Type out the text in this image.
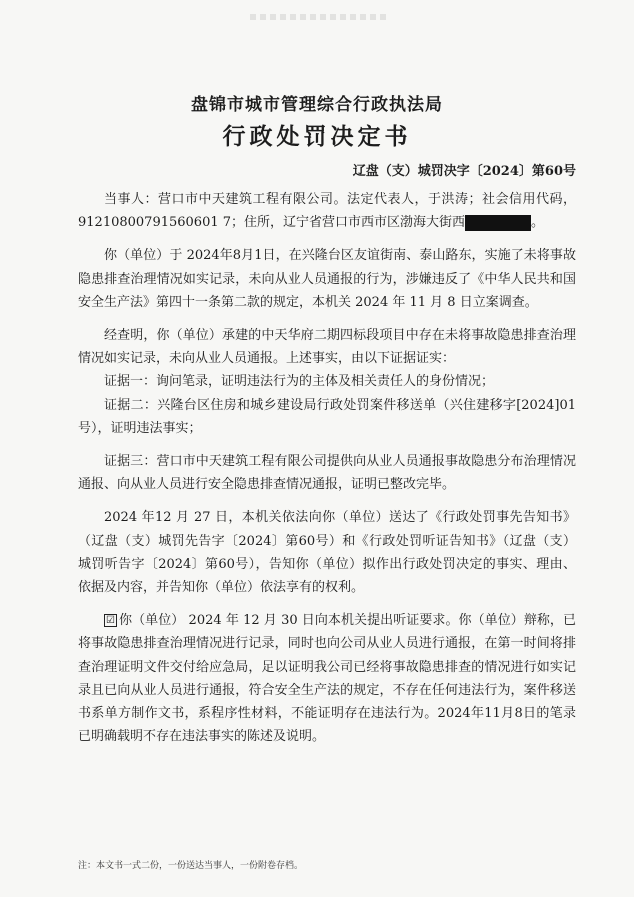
盘锦市城市管理综合行政执法局
行政处罚决定书
辽盘（支）城罚决字〔2024〕第60号

当事人：营口市中天建筑工程有限公司。法定代表人，于洪涛；社会信用代码，91210800791560601 7；住所，辽宁省营口市西市区渤海大街西	。

你（单位）于 2024年8月1日，在兴隆台区友谊街南、泰山路东，实施了未将事故隐患排查治理情况如实记录，未向从业人员通报的行为，涉嫌违反了《中华人民共和国安全生产法》第四十一条第二款的规定，本机关 2024 年 11 月 8 日立案调查。

经查明，你（单位）承建的中天华府二期四标段项目中存在未将事故隐患排查治理情况如实记录，未向从业人员通报。上述事实，由以下证据证实：

证据一：询问笔录，证明违法行为的主体及相关责任人的身份情况；

证据二：兴隆台区住房和城乡建设局行政处罚案件移送单（兴住建移字[2024]01号），证明违法事实；

证据三：营口市中天建筑工程有限公司提供向从业人员通报事故隐患分布治理情况通报、向从业人员进行安全隐患排查情况通报，证明已整改完毕。

2024 年12 月 27 日，本机关依法向你（单位）送达了《行政处罚事先告知书》（辽盘（支）城罚先告字〔2024〕第60号）和《行政处罚听证告知书》（辽盘（支）城罚听告字〔2024〕第60号），告知你（单位）拟作出行政处罚决定的事实、理由、依据及内容，并告知你（单位）依法享有的权利。

☑ 你（单位） 2024 年 12 月 30 日向本机关提出听证要求。你（单位）辩称，已将事故隐患排查治理情况进行记录，同时也向公司从业人员进行通报，在第一时间将排查治理证明文件交付给应急局，足以证明我公司已经将事故隐患排查的情况进行如实记录且已向从业人员进行通报，符合安全生产法的规定，不存在任何违法行为，案件移送书系单方制作文书，系程序性材料，不能证明存在违法行为。2024年11月8日的笔录已明确载明不存在违法事实的陈述及说明。

注：本文书一式二份，一份送达当事人，一份附卷存档。
